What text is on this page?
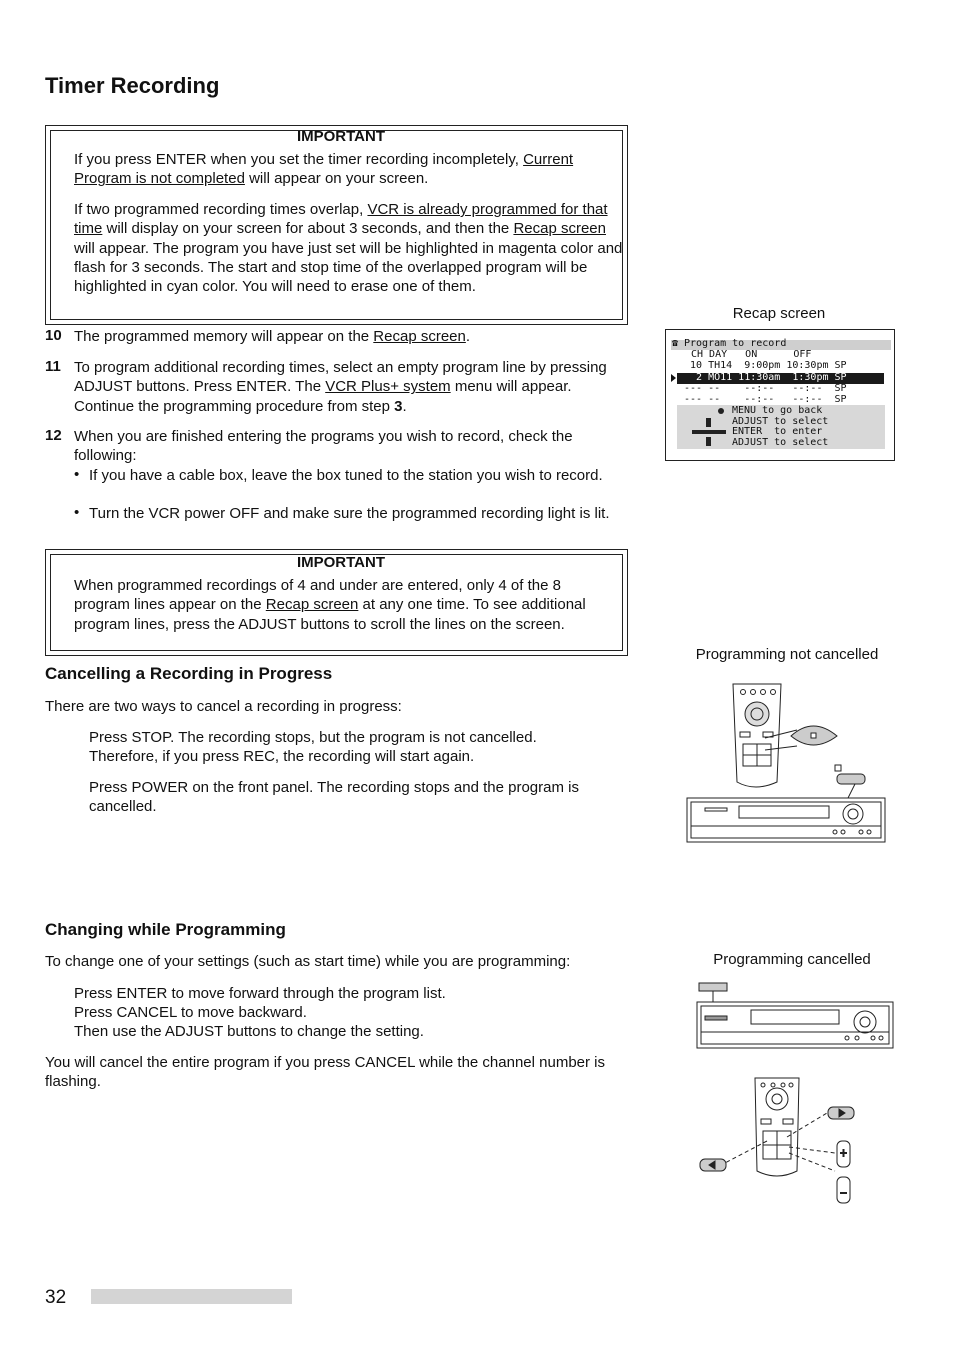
Timer Recording
IMPORTANT
If you press ENTER when you set the timer recording incompletely, Current Program is not completed will appear on your screen.
If two programmed recording times overlap, VCR is already programmed for that time will display on your screen for about 3 seconds, and then the Recap screen will appear. The program you have just set will be highlighted in magenta color and flash for 3 seconds. The start and stop time of the overlapped program will be highlighted in cyan color. You will need to erase one of them.
10 The programmed memory will appear on the Recap screen.
11 To program additional recording times, select an empty program line by pressing ADJUST buttons. Press ENTER. The VCR Plus+ system menu will appear. Continue the programming procedure from step 3.
12 When you are finished entering the programs you wish to record, check the following:
• If you have a cable box, leave the box tuned to the station you wish to record.
• Turn the VCR power OFF and make sure the programmed recording light is lit.
IMPORTANT
When programmed recordings of 4 and under are entered, only 4 of the 8 program lines appear on the Recap screen at any one time. To see additional program lines, press the ADJUST buttons to scroll the lines on the screen.
Cancelling a Recording in Progress
There are two ways to cancel a recording in progress:
Press STOP. The recording stops, but the program is not cancelled. Therefore, if you press REC, the recording will start again.
Press POWER on the front panel. The recording stops and the program is cancelled.
Changing while Programming
To change one of your settings (such as start time) while you are programming:
Press ENTER to move forward through the program list.
Press CANCEL to move backward.
Then use the ADJUST buttons to change the setting.
You will cancel the entire program if you press CANCEL while the channel number is flashing.
Recap screen
Programming not cancelled
Programming cancelled
☎ Program to record
CH DAY   ON      OFF
10 TH14  9:00pm 10:30pm SP
2 MO11 11:30am  1:30pm SP
--- --    --:--   --:--  SP
--- --    --:--   --:--  SP
MENU to go back
ADJUST to select
ENTER  to enter
ADJUST to select
32
